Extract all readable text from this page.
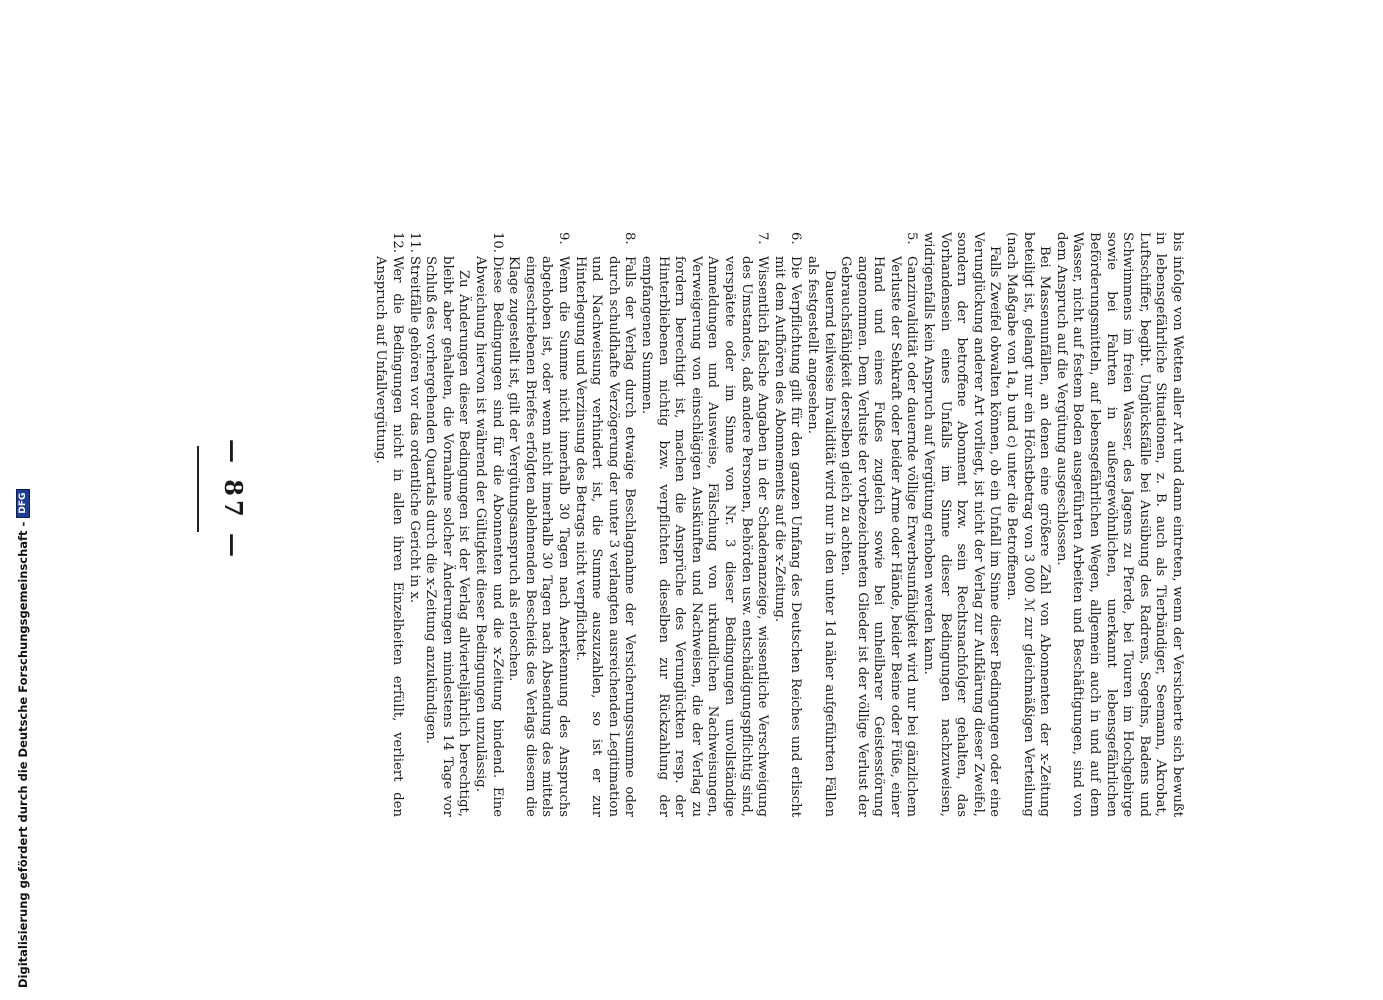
— 87 —	bis infolge von Wetten aller Art und dann eintreten, wenn der Versicherte sich bewußt in lebensgefährliche Situationen, z. B. auch als Tierbändiger, Seemann, Akrobat, Luftschiffer, begibt. Unglücksfälle bei Ausübung des Radrens, Segelns, Badens und Schwimmens im freien Wasser, des Jagens zu Pferde, bei Touren im Hochgebirge sowie bei Fahrten in außergewöhnlichen, unerkannt lebensgefährlichen Beförderungsmitteln, auf lebensgefährlichen Wegen, allgemein auch in und auf dem Wasser, nicht auf festem Boden ausgeführten Arbeiten und Beschäftigungen, sind von dem Anspruch auf die Vergütung ausgeschlossen.

Bei Massenunfällen, an denen eine größere Zahl von Abonnenten der x-Zeitung beteiligt ist, gelangt nur ein Höchstbetrag von 3 000 ℳ zur gleichmäßigen Verteilung (nach Maßgabe von 1a, b und c) unter die Betroffenen.

Falls Zweifel obwalten können, ob ein Unfall im Sinne dieser Bedingungen oder eine Verunglückung anderer Art vorliegt, ist nicht der Verlag zur Aufklärung dieser Zweifel, sondern der betroffene Abonnent bzw. sein Rechtsnachfolger gehalten, das Vorhandensein eines Unfalls im Sinne dieser Bedingungen nachzuweisen, widrigenfalls kein Anspruch auf Vergütung erhoben werden kann.

5.
Ganzinvalidität oder dauernde völlige Erwerbsunfähigkeit wird nur bei gänzlichem Verluste der Sehkraft oder beider Arme oder Hände, beider Beine oder Füße, einer Hand und eines Fußes zugleich sowie bei unheilbarer Geistesstörung angenommen. Dem Verluste der vorbezeichneten Glieder ist der völlige Verlust der Gebrauchsfähigkeit derselben gleich zu achten.
Dauernd teilweise Invalidität wird nur in den unter 1d näher aufgeführten Fällen als festgestellt angesehen.
6.
Die Verpflichtung gilt für den ganzen Umfang des Deutschen Reiches und erlischt mit dem Aufhören des Abonnements auf die x-Zeitung.
7.
Wissentlich falsche Angaben in der Schadenanzeige, wissentliche Verschweigung des Umstandes, daß andere Personen, Behörden usw. entschädigungspflichtig sind, verspätete oder im Sinne von Nr. 3 dieser Bedingungen unvollständige Anmeldungen und Ausweise, Fälschung von urkundlichen Nachweisungen, Verweigerung von einschlägigen Auskünften und Nachweisen, die der Verlag zu fordern berechtigt ist, machen die Ansprüche des Verunglückten resp. der Hinterbliebenen nichtig bzw. verpflichten dieselben zur Rückzahlung der empfangenen Summen.
8.
Falls der Verlag durch etwaige Beschlagnahme der Versicherungssumme oder durch schuldhafte Verzögerung der unter 3 verlangten ausreichenden Legitimation und Nachweisung verhindert ist, die Summe auszuzahlen, so ist er zur Hinterlegung und Verzinsung des Betrags nicht verpflichtet.
9.
Wenn die Summe nicht innerhalb 30 Tagen nach Anerkennung des Anspruchs abgehoben ist, oder wenn nicht innerhalb 30 Tagen nach Absendung des mittels eingeschriebenen Briefes erfolgten ablehnenden Bescheids des Verlags diesem die Klage zugestellt ist, gilt der Vergütungsanspruch als erloschen.
10.
Diese Bedingungen sind für die Abonnenten und die x-Zeitung bindend. Eine Abweichung hiervon ist während der Gültigkeit dieser Bedingungen unzulässig.
Zu Änderungen dieser Bedingungen ist der Verlag allvierteljährlich berechtigt, bleibt aber gehalten, die Vornahme solcher Änderungen mindestens 14 Tage vor Schluß des vorhergehenden Quartals durch die x-Zeitung anzukündigen.
11.
Streitfälle gehören vor das ordentliche Gericht in x.
12.
Wer die Bedingungen nicht in allen ihren Einzelheiten erfüllt, verliert den Anspruch auf Unfallvergütung.
Digitalisierung gefördert durch die Deutsche Forschungsgemeinschaft -
DFG
